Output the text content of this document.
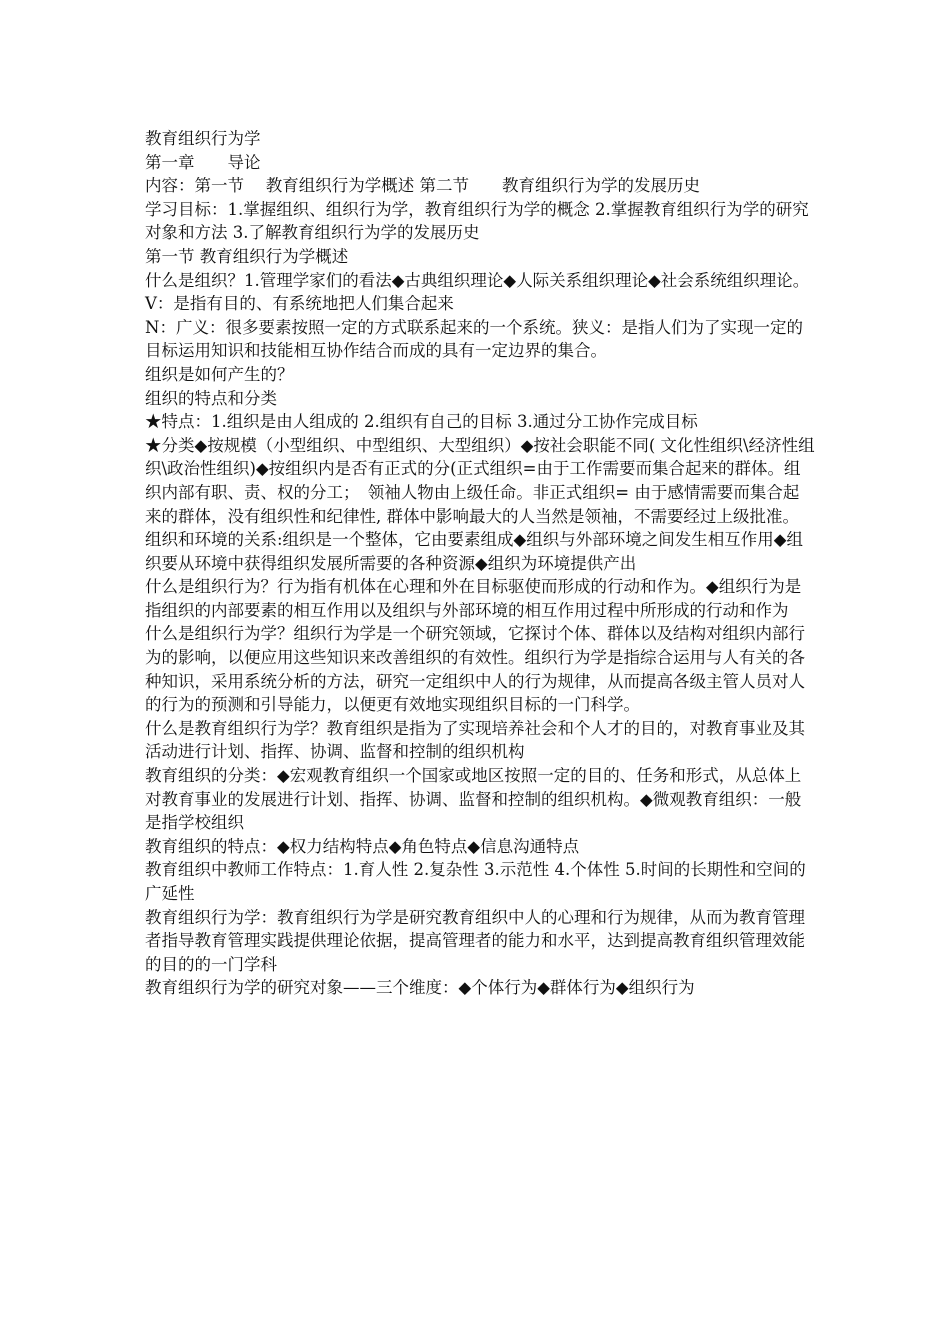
教育组织行为学

第一章　　导论

内容：第一节　 教育组织行为学概述 第二节　　教育组织行为学的发展历史

学习目标：1.掌握组织、组织行为学，教育组织行为学的概念 2.掌握教育组织行为学的研究对象和方法 3.了解教育组织行为学的发展历史

第一节 教育组织行为学概述

什么是组织？1.管理学家们的看法◆古典组织理论◆人际关系组织理论◆社会系统组织理论。V：是指有目的、有系统地把人们集合起来

N：广义：很多要素按照一定的方式联系起来的一个系统。狭义：是指人们为了实现一定的目标运用知识和技能相互协作结合而成的具有一定边界的集合。

组织是如何产生的？

组织的特点和分类

★特点：1.组织是由人组成的 2.组织有自己的目标 3.通过分工协作完成目标

★分类◆按规模（小型组织、中型组织、大型组织）◆按社会职能不同( 文化性组织\经济性组织\政治性组织)◆按组织内是否有正式的分(正式组织=由于工作需要而集合起来的群体。组织内部有职、责、权的分工；　领袖人物由上级任命。非正式组织= 由于感情需要而集合起来的群体，没有组织性和纪律性, 群体中影响最大的人当然是领袖，不需要经过上级批准。

组织和环境的关系:组织是一个整体，它由要素组成◆组织与外部环境之间发生相互作用◆组织要从环境中获得组织发展所需要的各种资源◆组织为环境提供产出

什么是组织行为？行为指有机体在心理和外在目标驱使而形成的行动和作为。◆组织行为是指组织的内部要素的相互作用以及组织与外部环境的相互作用过程中所形成的行动和作为

什么是组织行为学？组织行为学是一个研究领域，它探讨个体、群体以及结构对组织内部行为的影响，以便应用这些知识来改善组织的有效性。组织行为学是指综合运用与人有关的各种知识，采用系统分析的方法，研究一定组织中人的行为规律，从而提高各级主管人员对人的行为的预测和引导能力，以便更有效地实现组织目标的一门科学。

什么是教育组织行为学？教育组织是指为了实现培养社会和个人才的目的，对教育事业及其活动进行计划、指挥、协调、监督和控制的组织机构

教育组织的分类：◆宏观教育组织一个国家或地区按照一定的目的、任务和形式，从总体上对教育事业的发展进行计划、指挥、协调、监督和控制的组织机构。◆微观教育组织：一般是指学校组织

教育组织的特点：◆权力结构特点◆角色特点◆信息沟通特点

教育组织中教师工作特点：1.育人性 2.复杂性 3.示范性 4.个体性 5.时间的长期性和空间的广延性

教育组织行为学：教育组织行为学是研究教育组织中人的心理和行为规律，从而为教育管理者指导教育管理实践提供理论依据，提高管理者的能力和水平，达到提高教育组织管理效能的目的的一门学科

教育组织行为学的研究对象——三个维度：◆个体行为◆群体行为◆组织行为
